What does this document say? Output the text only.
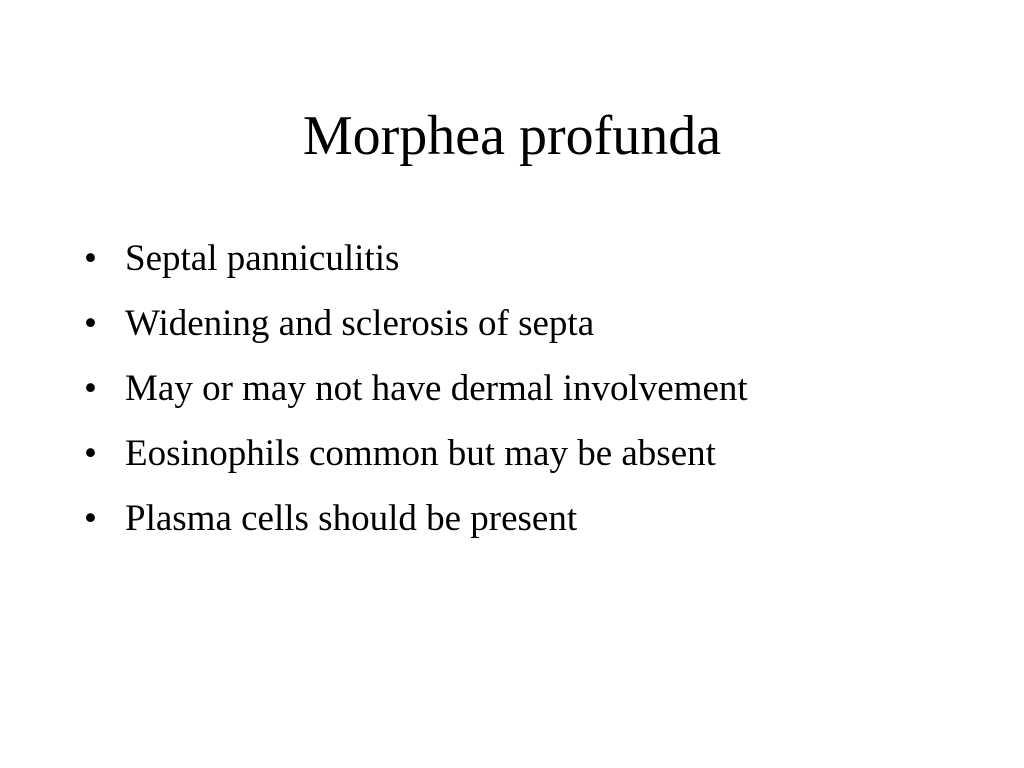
Morphea profunda
• Septal panniculitis
• Widening and sclerosis of septa
• May or may not have dermal involvement
• Eosinophils common but may be absent
• Plasma cells should be present
